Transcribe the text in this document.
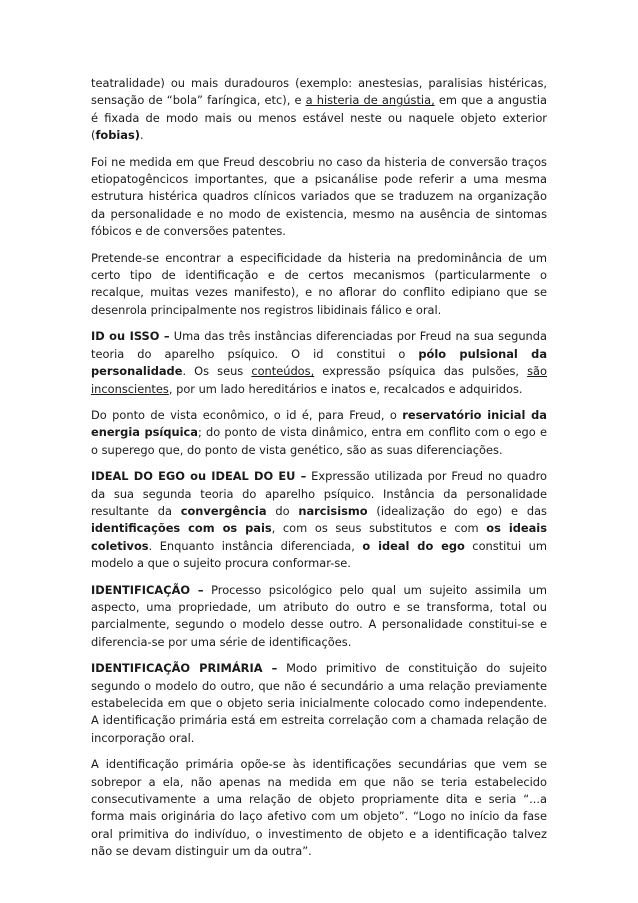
teatralidade) ou mais duradouros (exemplo: anestesias, paralisias histéricas, sensação de “bola” faríngica, etc), e a histeria de angústia, em que a angustia é fixada de modo mais ou menos estável neste ou naquele objeto exterior (fobias).

Foi ne medida em que Freud descobriu no caso da histeria de conversão traços etiopatogêncicos importantes, que a psicanálise pode referir a uma mesma estrutura histérica quadros clínicos variados que se traduzem na organização da personalidade e no modo de existencia, mesmo na ausência de sintomas fóbicos e de conversões patentes.

Pretende-se encontrar a especificidade da histeria na predominância de um certo tipo de identificação e de certos mecanismos (particularmente o recalque, muitas vezes manifesto), e no aflorar do conflito edipiano que se desenrola principalmente nos registros libidinais fálico e oral.

ID ou ISSO – Uma das três instâncias diferenciadas por Freud na sua segunda teoria do aparelho psíquico. O id constitui o pólo pulsional da personalidade. Os seus conteúdos, expressão psíquica das pulsões, são inconscientes, por um lado hereditários e inatos e, recalcados e adquiridos.

Do ponto de vista econômico, o id é, para Freud, o reservatório inicial da energia psíquica; do ponto de vista dinâmico, entra em conflito com o ego e o superego que, do ponto de vista genético, são as suas diferenciações.

IDEAL DO EGO ou IDEAL DO EU – Expressão utilizada por Freud no quadro da sua segunda teoria do aparelho psíquico. Instância da personalidade resultante da convergência do narcisismo (idealização do ego) e das identificações com os pais, com os seus substitutos e com os ideais coletivos. Enquanto instância diferenciada, o ideal do ego constitui um modelo a que o sujeito procura conformar-se.

IDENTIFICAÇÃO – Processo psicológico pelo qual um sujeito assimila um aspecto, uma propriedade, um atributo do outro e se transforma, total ou parcialmente, segundo o modelo desse outro. A personalidade constitui-se e diferencia-se por uma série de identificações.

IDENTIFICAÇÃO PRIMÁRIA – Modo primitivo de constituição do sujeito segundo o modelo do outro, que não é secundário a uma relação previamente estabelecida em que o objeto seria inicialmente colocado como independente. A identificação primária está em estreita correlação com a chamada relação de incorporação oral.

A identificação primária opõe-se às identificações secundárias que vem se sobrepor a ela, não apenas na medida em que não se teria estabelecido consecutivamente a uma relação de objeto propriamente dita e seria “...a forma mais originária do laço afetivo com um objeto”. “Logo no início da fase oral primitiva do indivíduo, o investimento de objeto e a identificação talvez não se devam distinguir um da outra”.
